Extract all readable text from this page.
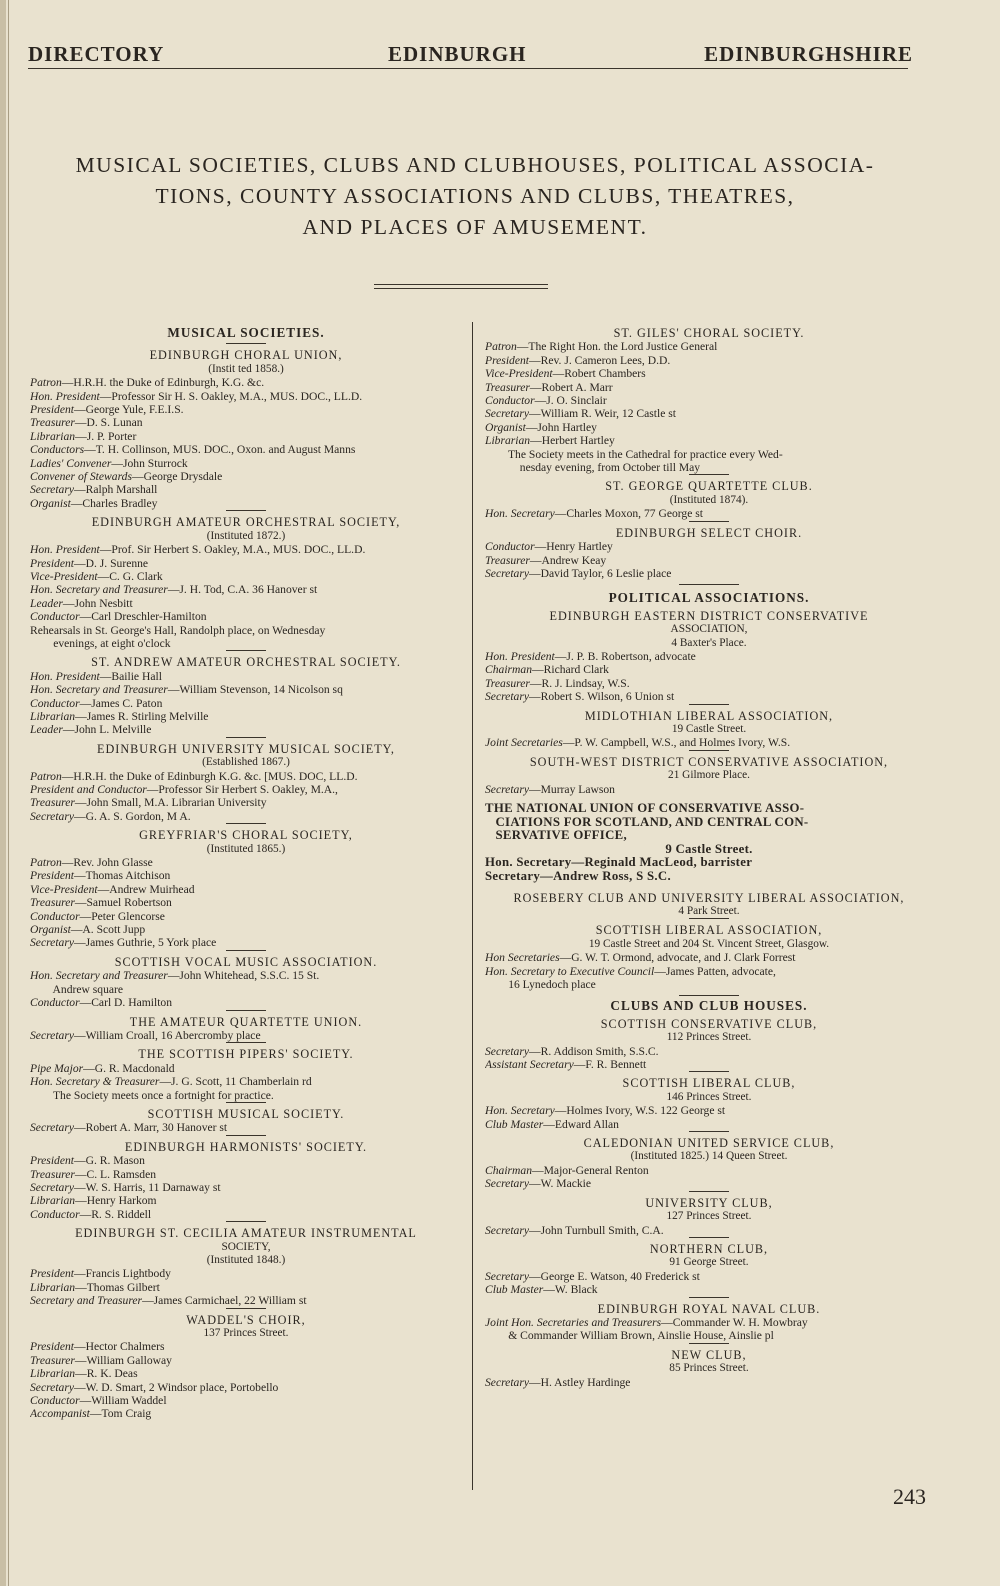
DIRECTORY	EDINBURGH	EDINBURGHSHIRE
MUSICAL SOCIETIES, CLUBS AND CLUBHOUSES, POLITICAL ASSOCIA-
TIONS, COUNTY ASSOCIATIONS AND CLUBS, THEATRES,
AND PLACES OF AMUSEMENT.
MUSICAL SOCIETIES.
EDINBURGH CHORAL UNION,
(Instit ted 1858.)
Patron—H.R.H. the Duke of Edinburgh, K.G. &c.
Hon. President—Professor Sir H. S. Oakley, M.A., MUS. DOC., LL.D.
President—George Yule, F.E.I.S.
Treasurer—D. S. Lunan
Librarian—J. P. Porter
Conductors—T. H. Collinson, MUS. DOC., Oxon. and August Manns
Ladies' Convener—John Sturrock
Convener of Stewards—George Drysdale
Secretary—Ralph Marshall
Organist—Charles Bradley
EDINBURGH AMATEUR ORCHESTRAL SOCIETY,
(Instituted 1872.)
Hon. President—Prof. Sir Herbert S. Oakley, M.A., MUS. DOC., LL.D.
President—D. J. Surenne
Vice-President—C. G. Clark
Hon. Secretary and Treasurer—J. H. Tod, C.A. 36 Hanover st
Leader—John Nesbitt
Conductor—Carl Dreschler-Hamilton
Rehearsals in St. George's Hall, Randolph place, on Wednesday
evenings, at eight o'clock
ST. ANDREW AMATEUR ORCHESTRAL SOCIETY.
Hon. President—Bailie Hall
Hon. Secretary and Treasurer—William Stevenson, 14 Nicolson sq
Conductor—James C. Paton
Librarian—James R. Stirling Melville
Leader—John L. Melville
EDINBURGH UNIVERSITY MUSICAL SOCIETY,
(Established 1867.)
Patron—H.R.H. the Duke of Edinburgh K.G. &c. [MUS. DOC, LL.D.
President and Conductor—Professor Sir Herbert S. Oakley, M.A.,
Treasurer—John Small, M.A. Librarian University
Secretary—G. A. S. Gordon, M A.
GREYFRIAR'S CHORAL SOCIETY,
(Instituted 1865.)
Patron—Rev. John Glasse
President—Thomas Aitchison
Vice-President—Andrew Muirhead
Treasurer—Samuel Robertson
Conductor—Peter Glencorse
Organist—A. Scott Jupp
Secretary—James Guthrie, 5 York place
SCOTTISH VOCAL MUSIC ASSOCIATION.
Hon. Secretary and Treasurer—John Whitehead, S.S.C. 15 St.
Andrew square
Conductor—Carl D. Hamilton
THE AMATEUR QUARTETTE UNION.
Secretary—William Croall, 16 Abercromby place
THE SCOTTISH PIPERS' SOCIETY.
Pipe Major—G. R. Macdonald
Hon. Secretary & Treasurer—J. G. Scott, 11 Chamberlain rd
The Society meets once a fortnight for practice.
SCOTTISH MUSICAL SOCIETY.
Secretary—Robert A. Marr, 30 Hanover st
EDINBURGH HARMONISTS' SOCIETY.
President—G. R. Mason
Treasurer—C. L. Ramsden
Secretary—W. S. Harris, 11 Darnaway st
Librarian—Henry Harkom
Conductor—R. S. Riddell
EDINBURGH ST. CECILIA AMATEUR INSTRUMENTAL
SOCIETY,
(Instituted 1848.)
President—Francis Lightbody
Librarian—Thomas Gilbert
Secretary and Treasurer—James Carmichael, 22 William st
WADDEL'S CHOIR,
137 Princes Street.
President—Hector Chalmers
Treasurer—William Galloway
Librarian—R. K. Deas
Secretary—W. D. Smart, 2 Windsor place, Portobello
Conductor—William Waddel
Accompanist—Tom Craig
ST. GILES' CHORAL SOCIETY.
Patron—The Right Hon. the Lord Justice General
President—Rev. J. Cameron Lees, D.D.
Vice-President—Robert Chambers
Treasurer—Robert A. Marr
Conductor—J. O. Sinclair
Secretary—William R. Weir, 12 Castle st
Organist—John Hartley
Librarian—Herbert Hartley
The Society meets in the Cathedral for practice every Wed-
nesday evening, from October till May
ST. GEORGE QUARTETTE CLUB.
(Instituted 1874).
Hon. Secretary—Charles Moxon, 77 George st
EDINBURGH SELECT CHOIR.
Conductor—Henry Hartley
Treasurer—Andrew Keay
Secretary—David Taylor, 6 Leslie place
POLITICAL ASSOCIATIONS.
EDINBURGH EASTERN DISTRICT CONSERVATIVE
ASSOCIATION,
4 Baxter's Place.
Hon. President—J. P. B. Robertson, advocate
Chairman—Richard Clark
Treasurer—R. J. Lindsay, W.S.
Secretary—Robert S. Wilson, 6 Union st
MIDLOTHIAN LIBERAL ASSOCIATION,
19 Castle Street.
Joint Secretaries—P. W. Campbell, W.S., and Holmes Ivory, W.S.
SOUTH-WEST DISTRICT CONSERVATIVE ASSOCIATION,
21 Gilmore Place.
Secretary—Murray Lawson
THE NATIONAL UNION OF CONSERVATIVE ASSO-
CIATIONS FOR SCOTLAND, AND CENTRAL CON-
SERVATIVE OFFICE,
9 Castle Street.
Hon. Secretary—Reginald MacLeod, barrister
Secretary—Andrew Ross, S S.C.
ROSEBERY CLUB AND UNIVERSITY LIBERAL ASSOCIATION,
4 Park Street.
SCOTTISH LIBERAL ASSOCIATION,
19 Castle Street and 204 St. Vincent Street, Glasgow.
Hon Secretaries—G. W. T. Ormond, advocate, and J. Clark Forrest
Hon. Secretary to Executive Council—James Patten, advocate,
16 Lynedoch place
CLUBS AND CLUB HOUSES.
SCOTTISH CONSERVATIVE CLUB,
112 Princes Street.
Secretary—R. Addison Smith, S.S.C.
Assistant Secretary—F. R. Bennett
SCOTTISH LIBERAL CLUB,
146 Princes Street.
Hon. Secretary—Holmes Ivory, W.S. 122 George st
Club Master—Edward Allan
CALEDONIAN UNITED SERVICE CLUB,
(Instituted 1825.) 14 Queen Street.
Chairman—Major-General Renton
Secretary—W. Mackie
UNIVERSITY CLUB,
127 Princes Street.
Secretary—John Turnbull Smith, C.A.
NORTHERN CLUB,
91 George Street.
Secretary—George E. Watson, 40 Frederick st
Club Master—W. Black
EDINBURGH ROYAL NAVAL CLUB.
Joint Hon. Secretaries and Treasurers—Commander W. H. Mowbray
& Commander William Brown, Ainslie House, Ainslie pl
NEW CLUB,
85 Princes Street.
Secretary—H. Astley Hardinge
243
